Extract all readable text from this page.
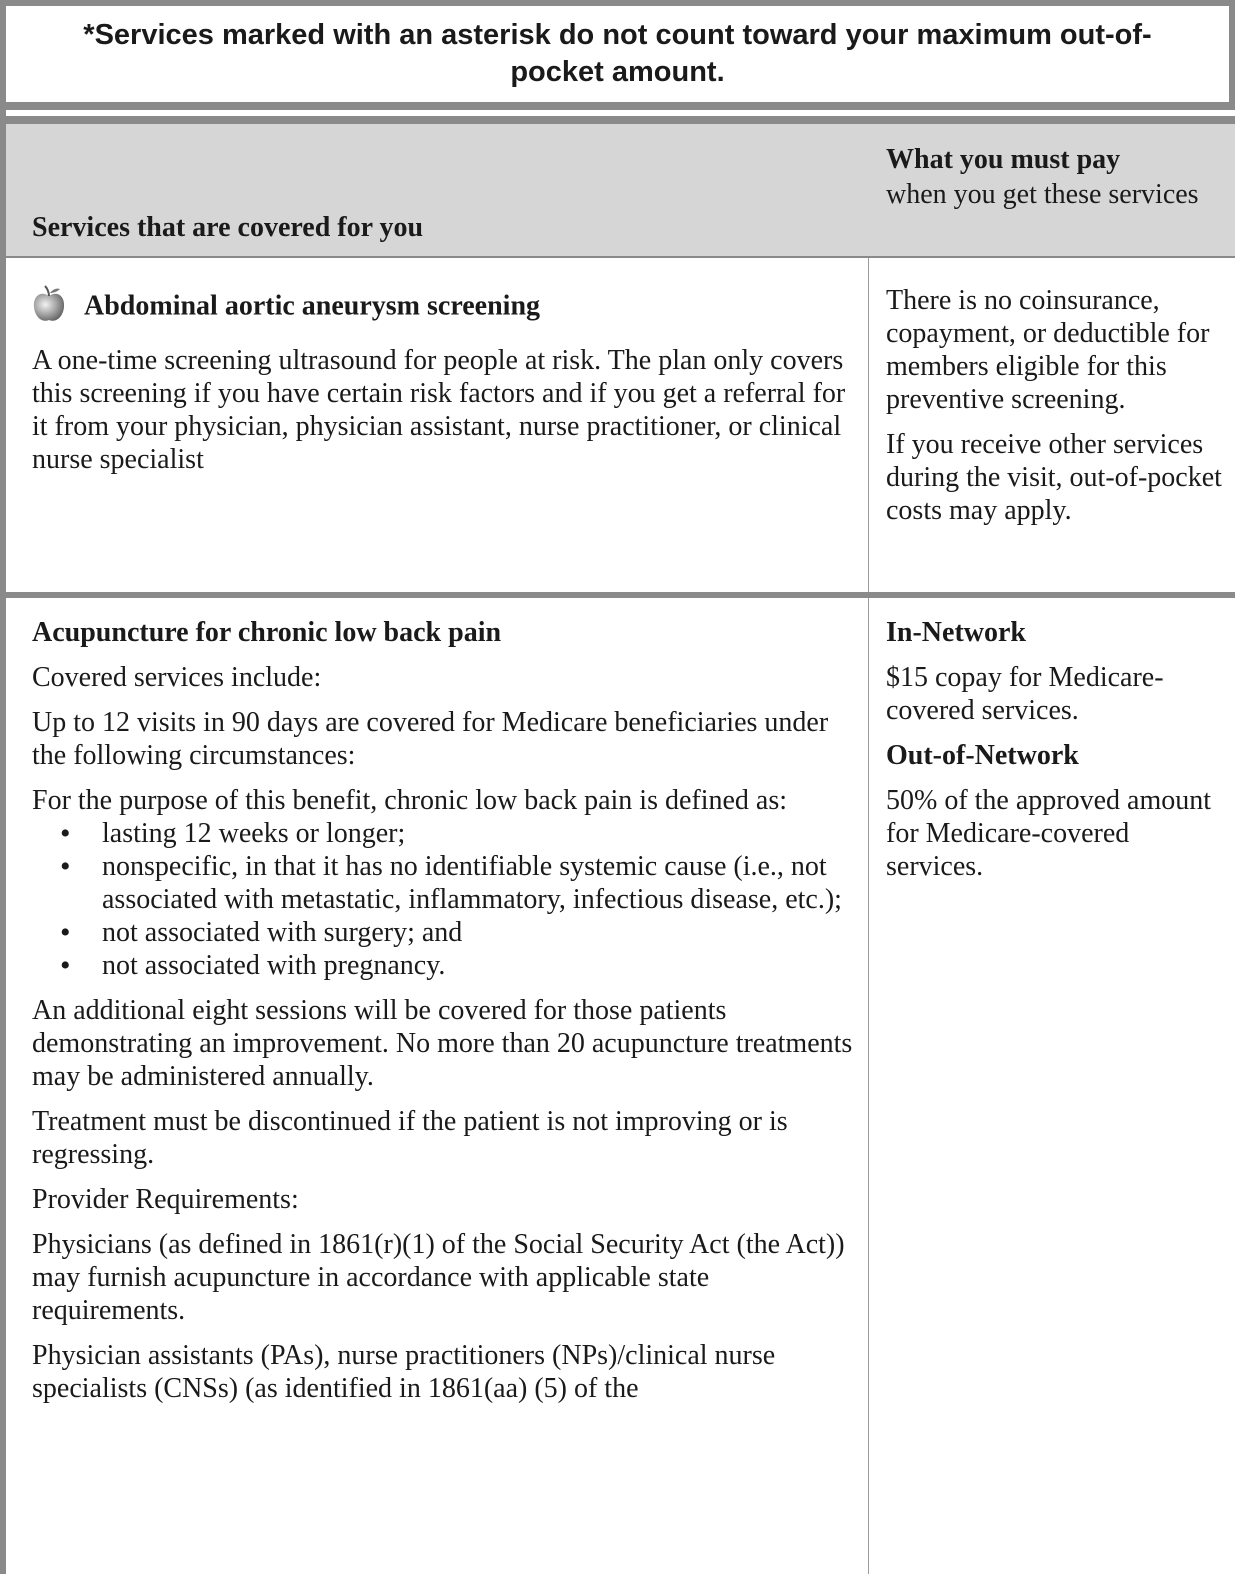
*Services marked with an asterisk do not count toward your maximum out-of-pocket amount.
Services that are covered for you
What you must pay
when you get these services
Abdominal aortic aneurysm screening

A one-time screening ultrasound for people at risk. The plan only covers this screening if you have certain risk factors and if you get a referral for it from your physician, physician assistant, nurse practitioner, or clinical nurse specialist

There is no coinsurance, copayment, or deductible for members eligible for this preventive screening.

If you receive other services during the visit, out-of-pocket costs may apply.

Acupuncture for chronic low back pain

Covered services include:

Up to 12 visits in 90 days are covered for Medicare beneficiaries under the following circumstances:

For the purpose of this benefit, chronic low back pain is defined as:

• lasting 12 weeks or longer;
• nonspecific, in that it has no identifiable systemic cause (i.e., not associated with metastatic, inflammatory, infectious disease, etc.);
• not associated with surgery; and
• not associated with pregnancy.

An additional eight sessions will be covered for those patients demonstrating an improvement. No more than 20 acupuncture treatments may be administered annually.

Treatment must be discontinued if the patient is not improving or is regressing.

Provider Requirements:

Physicians (as defined in 1861(r)(1) of the Social Security Act (the Act)) may furnish acupuncture in accordance with applicable state requirements.

Physician assistants (PAs), nurse practitioners (NPs)/clinical nurse specialists (CNSs) (as identified in 1861(aa) (5) of the

In-Network

$15 copay for Medicare-covered services.

Out-of-Network

50% of the approved amount for Medicare-covered services.
